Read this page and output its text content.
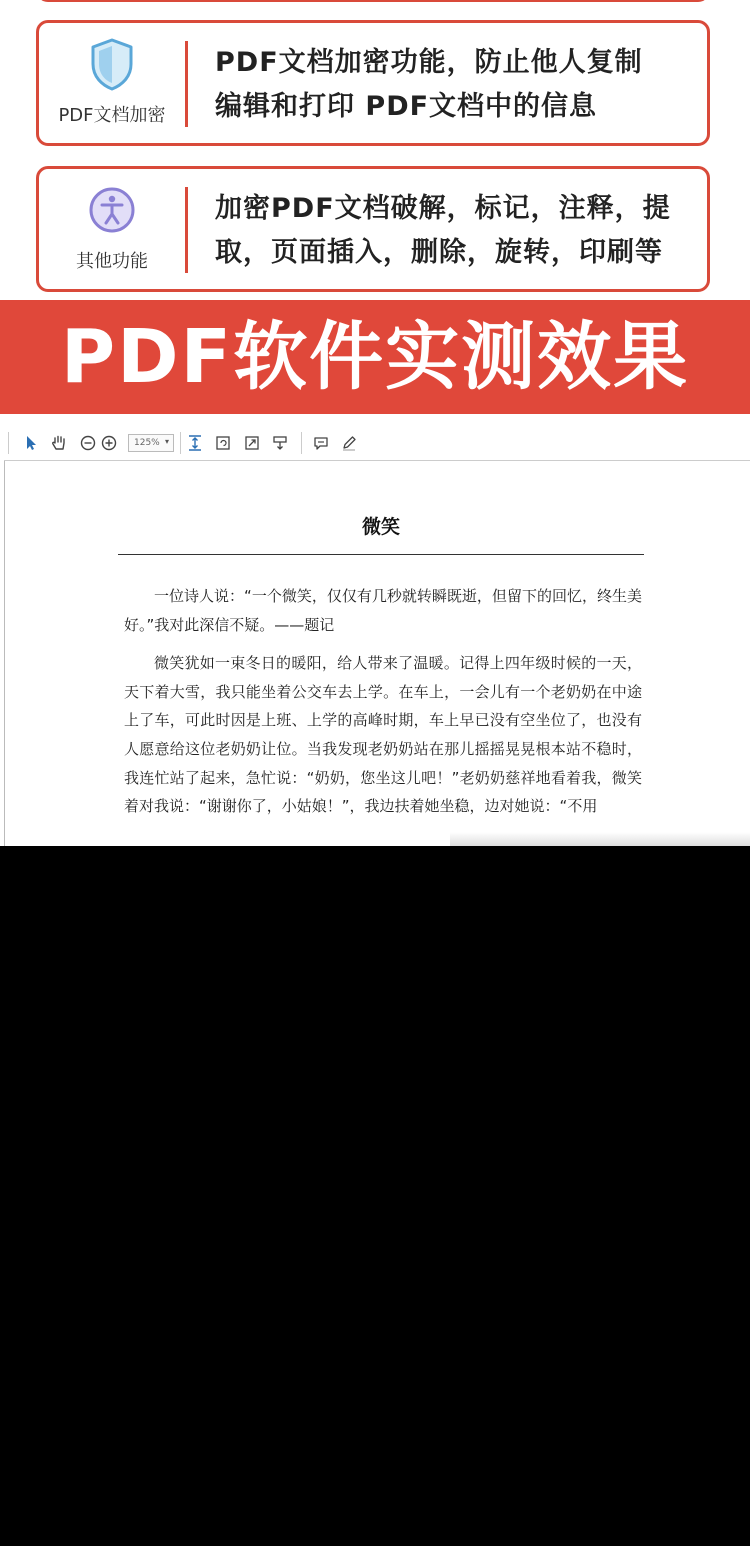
PDF文档加密
PDF文档加密功能，防止他人复制
编辑和打印 PDF文档中的信息
其他功能
加密PDF文档破解，标记，注释，提
取，页面插入，删除，旋转，印刷等
PDF软件实测效果
125% ▾
微笑

一位诗人说：“一个微笑，仅仅有几秒就转瞬既逝，但留下的回忆，终生美好。”我对此深信不疑。——题记

微笑犹如一束冬日的暖阳，给人带来了温暖。记得上四年级时候的一天，天下着大雪，我只能坐着公交车去上学。在车上，一会儿有一个老奶奶在中途上了车，可此时因是上班、上学的高峰时期，车上早已没有空坐位了，也没有人愿意给这位老奶奶让位。当我发现老奶奶站在那儿摇摇晃晃根本站不稳时，我连忙站了起来，急忙说：“奶奶，您坐这儿吧！”老奶奶慈祥地看着我，微笑着对我说：“谢谢你了，小姑娘！”，我边扶着她坐稳，边对她说：“不用
